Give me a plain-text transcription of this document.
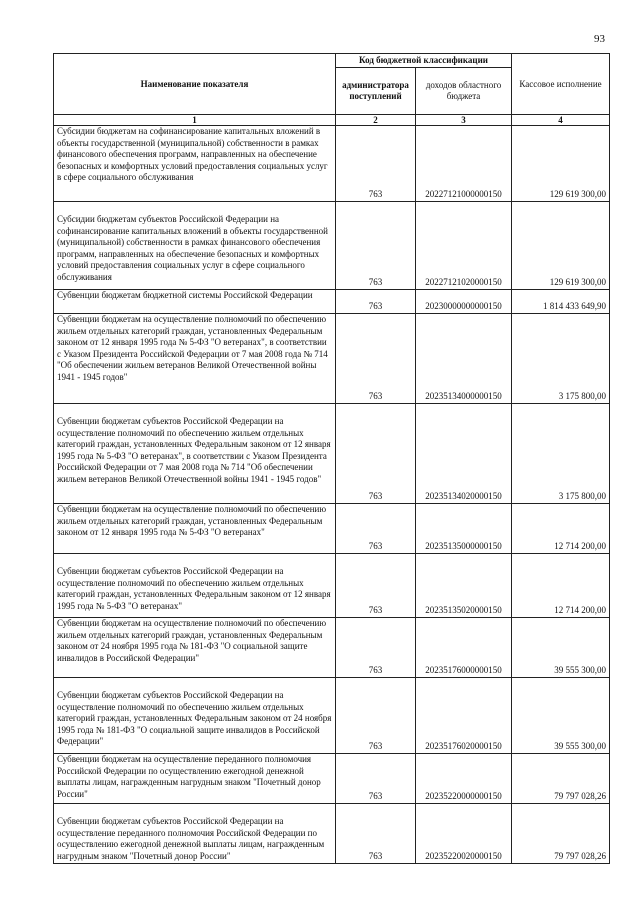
93
Наименование показателя	Код бюджетной классификации		Кассовое исполнение
	администратора поступлений	доходов областного бюджета	
1	2	3	4
Субсидии бюджетам на софинансирование капитальных вложений в объекты государственной (муниципальной) собственности в рамках финансового обеспечения программ, направленных на обеспечение безопасных и комфортных условий предоставления социальных услуг в сфере социального обслуживания	763	20227121000000150	129 619 300,00
Субсидии бюджетам субъектов Российской Федерации на софинансирование капитальных вложений в объекты государственной (муниципальной) собственности в рамках финансового обеспечения программ, направленных на обеспечение безопасных и комфортных условий предоставления социальных услуг в сфере социального обслуживания	763	20227121020000150	129 619 300,00
Субвенции бюджетам бюджетной системы Российской Федерации	763	20230000000000150	1 814 433 649,90
Субвенции бюджетам на осуществление полномочий по обеспечению жильем отдельных категорий граждан, установленных Федеральным законом от 12 января 1995 года № 5-ФЗ "О ветеранах", в соответствии с Указом Президента Российской Федерации от 7 мая 2008 года № 714 "Об обеспечении жильем ветеранов Великой Отечественной войны 1941 - 1945 годов"	763	20235134000000150	3 175 800,00
Субвенции бюджетам субъектов Российской Федерации на осуществление полномочий по обеспечению жильем отдельных категорий граждан, установленных Федеральным законом от 12 января 1995 года № 5-ФЗ "О ветеранах", в соответствии с Указом Президента Российской Федерации от 7 мая 2008 года № 714 "Об обеспечении жильем ветеранов Великой Отечественной войны 1941 - 1945 годов"	763	20235134020000150	3 175 800,00
Субвенции бюджетам на осуществление полномочий по обеспечению жильем отдельных категорий граждан, установленных Федеральным законом от 12 января 1995 года № 5-ФЗ "О ветеранах"	763	20235135000000150	12 714 200,00
Субвенции бюджетам субъектов Российской Федерации на осуществление полномочий по обеспечению жильем отдельных категорий граждан, установленных Федеральным законом от 12 января 1995 года № 5-ФЗ "О ветеранах"	763	20235135020000150	12 714 200,00
Субвенции бюджетам на осуществление полномочий по обеспечению жильем отдельных категорий граждан, установленных Федеральным законом от 24 ноября 1995 года № 181-ФЗ "О социальной защите инвалидов в Российской Федерации"	763	20235176000000150	39 555 300,00
Субвенции бюджетам субъектов Российской Федерации на осуществление полномочий по обеспечению жильем отдельных категорий граждан, установленных Федеральным законом от 24 ноября 1995 года № 181-ФЗ "О социальной защите инвалидов в Российской Федерации"	763	20235176020000150	39 555 300,00
Субвенции бюджетам на осуществление переданного полномочия Российской Федерации по осуществлению ежегодной денежной выплаты лицам, награжденным нагрудным знаком "Почетный донор России"	763	20235220000000150	79 797 028,26
Субвенции бюджетам субъектов Российской Федерации на осуществление переданного полномочия Российской Федерации по осуществлению ежегодной денежной выплаты лицам, награжденным нагрудным знаком "Почетный донор России"	763	20235220020000150	79 797 028,26
